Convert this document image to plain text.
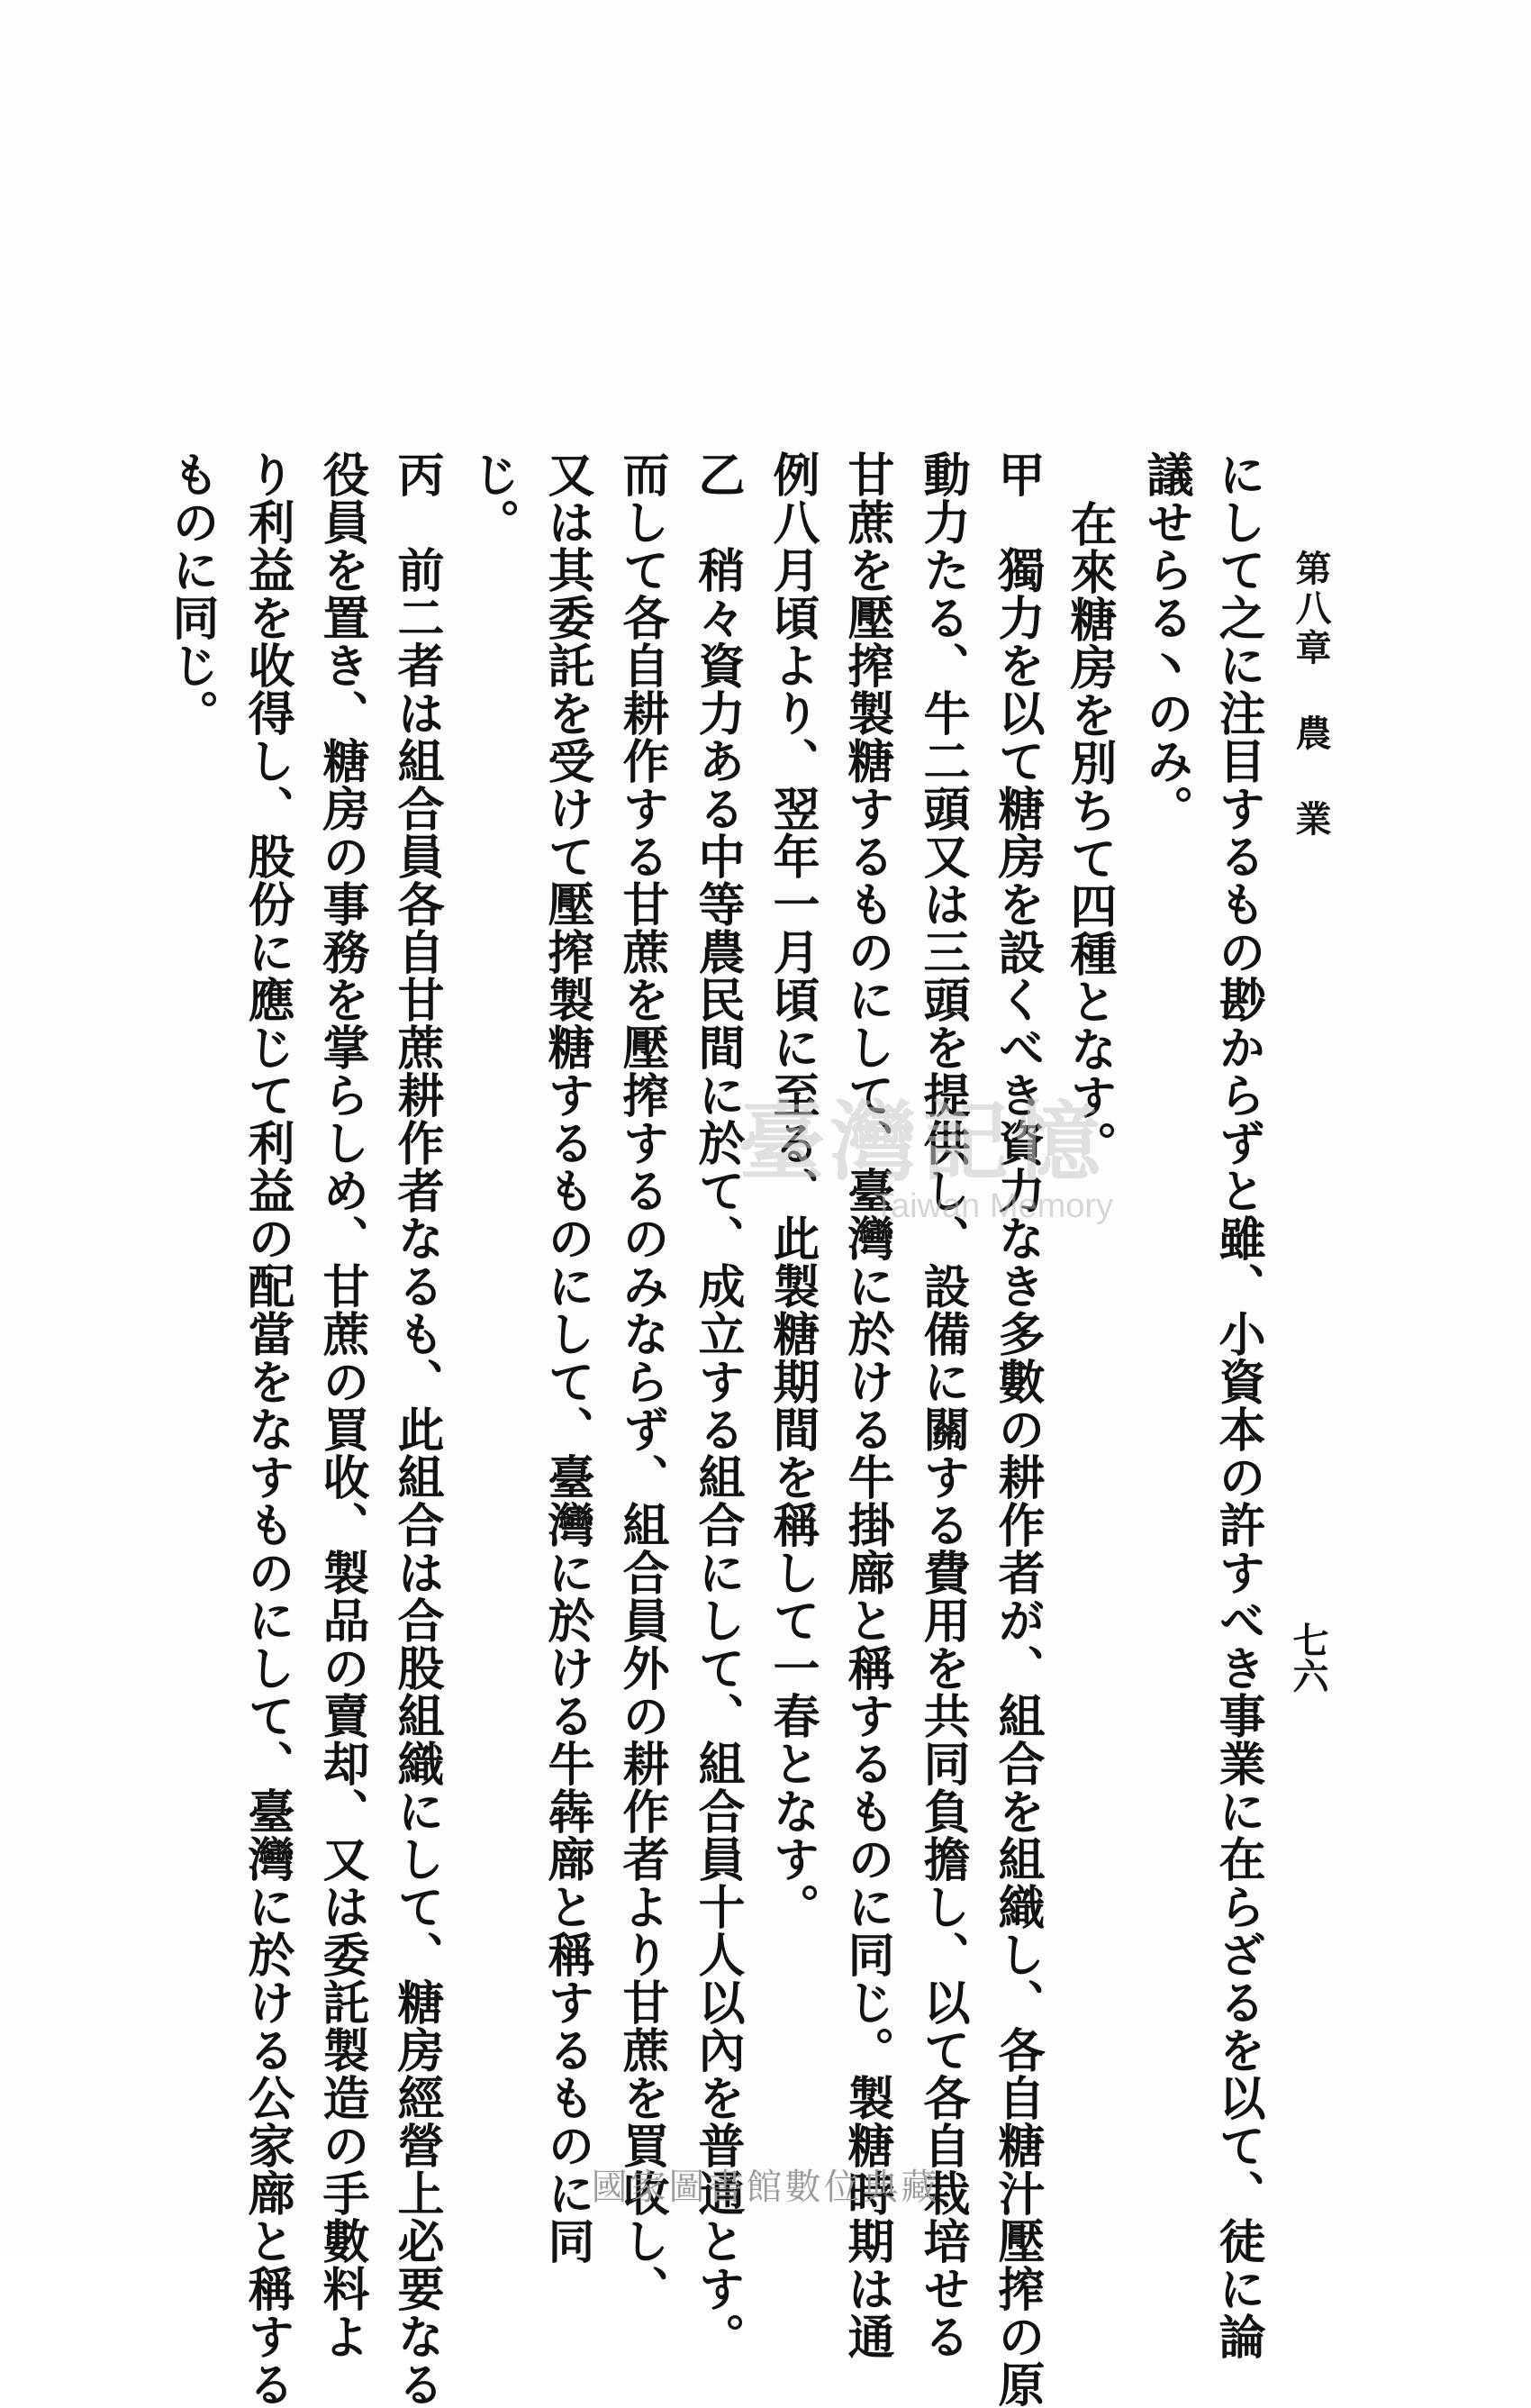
第八章 農 業
七六
にして之に注目するもの尠からずと雖、小資本の許すべき事業に在らざるを以て、徒に論
議せらる丶のみ。
在來糖房を別ちて四種となす。
甲　獨力を以て糖房を設くべき資力なき多數の耕作者が、組合を組織し、各自糖汁壓搾の原
動力たる、牛二頭又は三頭を提供し、設備に關する費用を共同負擔し、以て各自栽培せる
甘蔗を壓搾製糖するものにして、臺灣に於ける牛掛廍と稱するものに同じ。製糖時期は通
例八月頃より、翌年一月頃に至る、此製糖期間を稱して一春となす。
乙　稍々資力ある中等農民間に於て、成立する組合にして、組合員十人以內を普通とす。
而して各自耕作する甘蔗を壓搾するのみならず、組合員外の耕作者より甘蔗を買收し、
又は其委託を受けて壓搾製糖するものにして、臺灣に於ける牛犇廍と稱するものに同
じ。
丙　前二者は組合員各自甘蔗耕作者なるも、此組合は合股組織にして、糖房經營上必要なる
役員を置き、糖房の事務を掌らしめ、甘蔗の買收、製品の賣却、又は委託製造の手數料よ
り利益を收得し、股份に應じて利益の配當をなすものにして、臺灣に於ける公家廍と稱する
ものに同じ。
臺灣記憶
Taiwan Memory
國家圖書館數位典藏
